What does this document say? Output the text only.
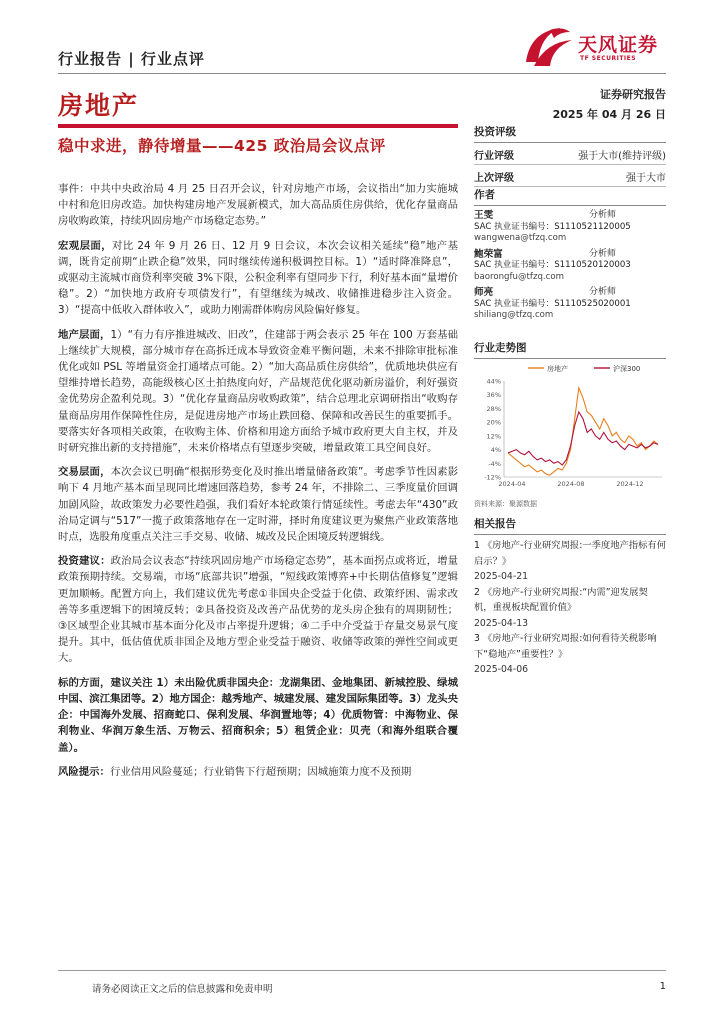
行业报告 | 行业点评
天风证券
TF SECURITIES
房地产	证券研究报告
2025 年 04 月 26 日
稳中求进，静待增量——425 政治局会议点评

事件：中共中央政治局 4 月 25 日召开会议，针对房地产市场，会议指出“加力实施城中村和危旧房改造。加快构建房地产发展新模式，加大高品质住房供给，优化存量商品房收购政策，持续巩固房地产市场稳定态势。”

宏观层面，对比 24 年 9 月 26 日、12 月 9 日会议，本次会议相关延续“稳”地产基调，既肯定前期“止跌企稳”效果，同时继续传递积极调控目标。1）“适时降准降息”，或驱动主流城市商贷利率突破 3%下限，公积金利率有望同步下行，利好基本面“量增价稳”。2）“加快地方政府专项债发行”，有望继续为城改、收储推进稳步注入资金。3）“提高中低收入群体收入”，或助力刚需群体购房风险偏好修复。

地产层面，1）“有力有序推进城改、旧改”，住建部于两会表示 25 年在 100 万套基础上继续扩大规模，部分城市存在高拆迁成本导致资金难平衡问题，未来不排除审批标准优化或如 PSL 等增量资金打通堵点可能。2）“加大高品质住房供给”，优质地块供应有望维持增长趋势，高能级核心区土拍热度向好，产品规范优化驱动新房溢价，利好强资金优势房企盈利兑现。3）“优化存量商品房收购政策”，结合总理北京调研指出“收购存量商品房用作保障性住房，是促进房地产市场止跌回稳、保障和改善民生的重要抓手。要落实好各项相关政策，在收购主体、价格和用途方面给予城市政府更大自主权，并及时研究推出新的支持措施”，未来价格堵点有望逐步突破，增量政策工具空间良好。

交易层面，本次会议已明确“根据形势变化及时推出增量储备政策”。考虑季节性因素影响下 4 月地产基本面呈现同比增速回落趋势，参考 24 年，不排除二、三季度量价回调加剧风险，故政策发力必要性趋强，我们看好本轮政策行情延续性。考虑去年“430”政治局定调与“517”一揽子政策落地存在一定时滞，择时角度建议更为聚焦产业政策落地时点，选股角度重点关注三手交易、收储、城改及民企困境反转逻辑线。

投资建议：政治局会议表态“持续巩固房地产市场稳定态势”，基本面拐点或将近，增量政策预期持续。交易端，市场“底部共识”增强，“短线政策博弈+中长期估值修复”逻辑更加顺畅。配置方向上，我们建议优先考虑①非国央企受益于化债、政策纾困、需求改善等多重逻辑下的困境反转；②具备投资及改善产品优势的龙头房企独有的周期韧性；③区域型企业其城市基本面分化及市占率提升逻辑；④二手中介受益于存量交易景气度提升。其中，低估值优质非国企及地方型企业受益于融资、收储等政策的弹性空间或更大。

标的方面，建议关注 1）未出险优质非国央企：龙湖集团、金地集团、新城控股、绿城中国、滨江集团等。2）地方国企：越秀地产、城建发展、建发国际集团等。3）龙头央企：中国海外发展、招商蛇口、保利发展、华润置地等；4）优质物管：中海物业、保利物业、华润万象生活、万物云、招商积余；5）租赁企业：贝壳（和海外组联合覆盖）。

风险提示：行业信用风险蔓延；行业销售下行超预期；因城施策力度不及预期

投资评级
行业评级	强于大市(维持评级)
上次评级	强于大市
作者
王雯	分析师
SAC 执业证书编号：S1110521120005
wangwena@tfzq.com
鲍荣富	分析师
SAC 执业证书编号：S1110520120003
baorongfu@tfzq.com
师亮	分析师
SAC 执业证书编号：S1110525020001
shiliang@tfzq.com
行业走势图
房地产	沪深300
44%
36%
28%
20%
12%
4%
-4%
-12%
2024-04	2024-08	2024-12
资料来源：聚源数据
相关报告
1 《房地产-行业研究周报:一季度地产指标有何启示？》
2025-04-21
2 《房地产-行业研究周报:“内需”迎发展契机，重视板块配置价值》
2025-04-13
3 《房地产-行业研究周报:如何看待关税影响下“稳地产”重要性？》
2025-04-06
请务必阅读正文之后的信息披露和免责申明	1
